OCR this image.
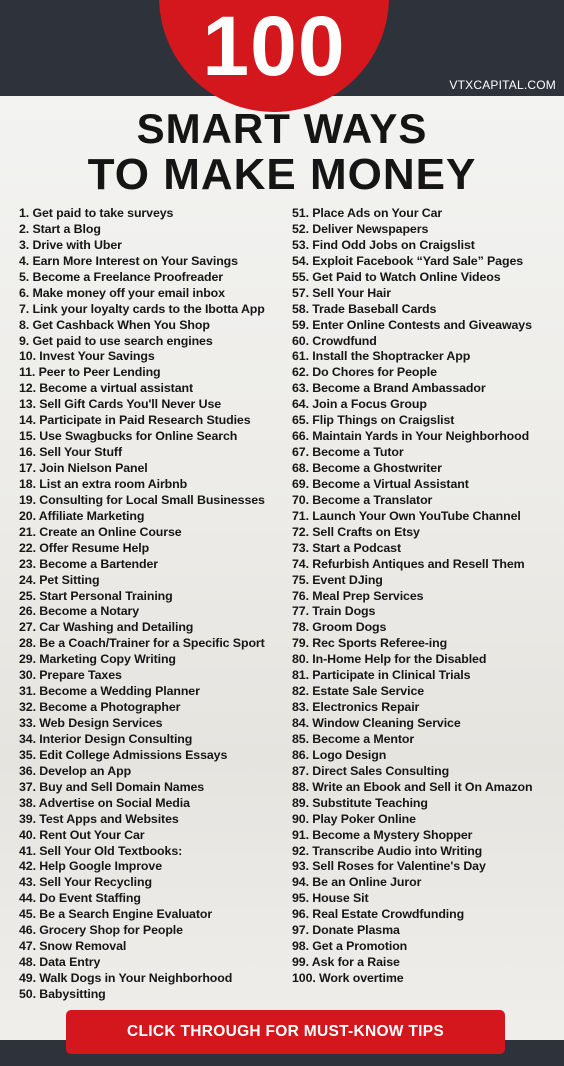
100	VTXCAPITAL.COM
SMART WAYS
TO MAKE MONEY
1. Get paid to take surveys
2. Start a Blog
3. Drive with Uber
4. Earn More Interest on Your Savings
5. Become a Freelance Proofreader
6. Make money off your email inbox
7. Link your loyalty cards to the Ibotta App
8. Get Cashback When You Shop
9. Get paid to use search engines
10. Invest Your Savings
11. Peer to Peer Lending
12. Become a virtual assistant
13. Sell Gift Cards You'll Never Use
14. Participate in Paid Research Studies
15. Use Swagbucks for Online Search
16. Sell Your Stuff
17. Join Nielson Panel
18. List an extra room Airbnb
19. Consulting for Local Small Businesses
20. Affiliate Marketing
21. Create an Online Course
22. Offer Resume Help
23. Become a Bartender
24. Pet Sitting
25. Start Personal Training
26. Become a Notary
27. Car Washing and Detailing
28. Be a Coach/Trainer for a Specific Sport
29. Marketing Copy Writing
30. Prepare Taxes
31. Become a Wedding Planner
32. Become a Photographer
33. Web Design Services
34. Interior Design Consulting
35. Edit College Admissions Essays
36. Develop an App
37. Buy and Sell Domain Names
38. Advertise on Social Media
39. Test Apps and Websites
40. Rent Out Your Car
41. Sell Your Old Textbooks:
42. Help Google Improve
43. Sell Your Recycling
44. Do Event Staffing
45. Be a Search Engine Evaluator
46. Grocery Shop for People
47. Snow Removal
48. Data Entry
49. Walk Dogs in Your Neighborhood
50. Babysitting
51. Place Ads on Your Car
52. Deliver Newspapers
53. Find Odd Jobs on Craigslist
54. Exploit Facebook “Yard Sale” Pages
55. Get Paid to Watch Online Videos
57. Sell Your Hair
58. Trade Baseball Cards
59. Enter Online Contests and Giveaways
60. Crowdfund
61. Install the Shoptracker App
62. Do Chores for People
63. Become a Brand Ambassador
64. Join a Focus Group
65. Flip Things on Craigslist
66. Maintain Yards in Your Neighborhood
67. Become a Tutor
68. Become a Ghostwriter
69. Become a Virtual Assistant
70. Become a Translator
71. Launch Your Own YouTube Channel
72. Sell Crafts on Etsy
73. Start a Podcast
74. Refurbish Antiques and Resell Them
75. Event DJing
76. Meal Prep Services
77. Train Dogs
78. Groom Dogs
79. Rec Sports Referee-ing
80. In-Home Help for the Disabled
81. Participate in Clinical Trials
82. Estate Sale Service
83. Electronics Repair
84. Window Cleaning Service
85. Become a Mentor
86. Logo Design
87. Direct Sales Consulting
88. Write an Ebook and Sell it On Amazon
89. Substitute Teaching
90. Play Poker Online
91. Become a Mystery Shopper
92. Transcribe Audio into Writing
93. Sell Roses for Valentine's Day
94. Be an Online Juror
95. House Sit
96. Real Estate Crowdfunding
97. Donate Plasma
98. Get a Promotion
99. Ask for a Raise
100. Work overtime
CLICK THROUGH FOR MUST-KNOW TIPS
